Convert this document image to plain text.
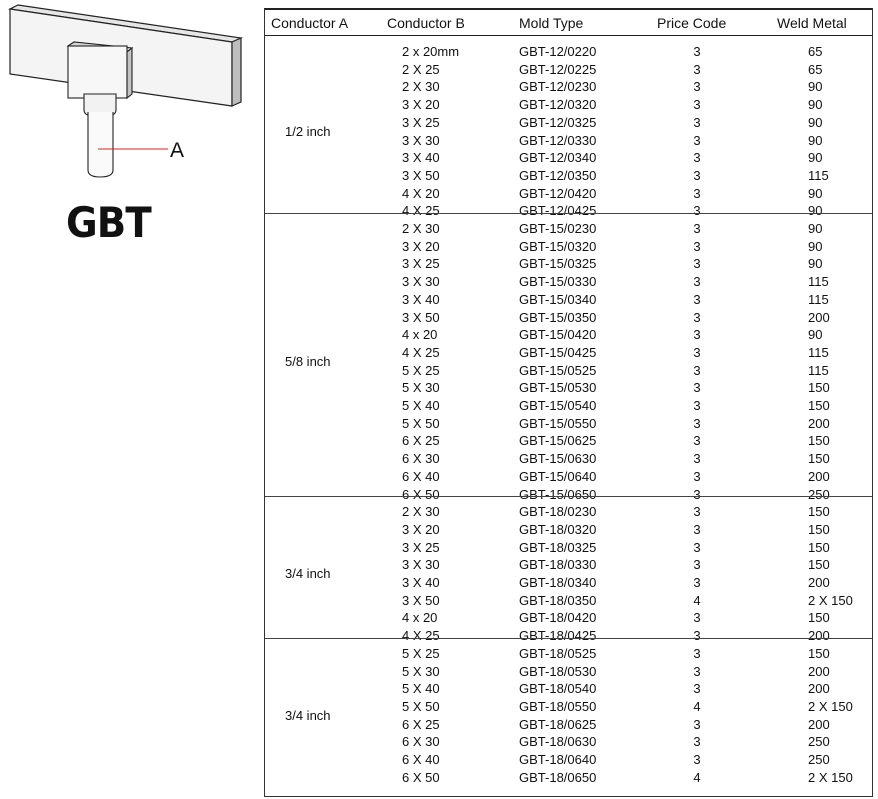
A
GBT
Conductor A	Conductor B	Mold Type	Price Code	Weld Metal
1/2 inch
2 x 20mm	GBT-12/0220	3	65
2 X 25	GBT-12/0225	3	65
2 X 30	GBT-12/0230	3	90
3 X 20	GBT-12/0320	3	90
3 X 25	GBT-12/0325	3	90
3 X 30	GBT-12/0330	3	90
3 X 40	GBT-12/0340	3	90
3 X 50	GBT-12/0350	3	115
4 X 20	GBT-12/0420	3	90
4 X 25	GBT-12/0425	3	90
5/8 inch
2 X 30	GBT-15/0230	3	90
3 X 20	GBT-15/0320	3	90
3 X 25	GBT-15/0325	3	90
3 X 30	GBT-15/0330	3	115
3 X 40	GBT-15/0340	3	115
3 X 50	GBT-15/0350	3	200
4 x 20	GBT-15/0420	3	90
4 X 25	GBT-15/0425	3	115
5 X 25	GBT-15/0525	3	115
5 X 30	GBT-15/0530	3	150
5 X 40	GBT-15/0540	3	150
5 X 50	GBT-15/0550	3	200
6 X 25	GBT-15/0625	3	150
6 X 30	GBT-15/0630	3	150
6 X 40	GBT-15/0640	3	200
6 X 50	GBT-15/0650	3	250
3/4 inch
2 X 30	GBT-18/0230	3	150
3 X 20	GBT-18/0320	3	150
3 X 25	GBT-18/0325	3	150
3 X 30	GBT-18/0330	3	150
3 X 40	GBT-18/0340	3	200
3 X 50	GBT-18/0350	4	2 X 150
4 x 20	GBT-18/0420	3	150
4 X 25	GBT-18/0425	3	200
3/4 inch
5 X 25	GBT-18/0525	3	150
5 X 30	GBT-18/0530	3	200
5 X 40	GBT-18/0540	3	200
5 X 50	GBT-18/0550	4	2 X 150
6 X 25	GBT-18/0625	3	200
6 X 30	GBT-18/0630	3	250
6 X 40	GBT-18/0640	3	250
6 X 50	GBT-18/0650	4	2 X 150
